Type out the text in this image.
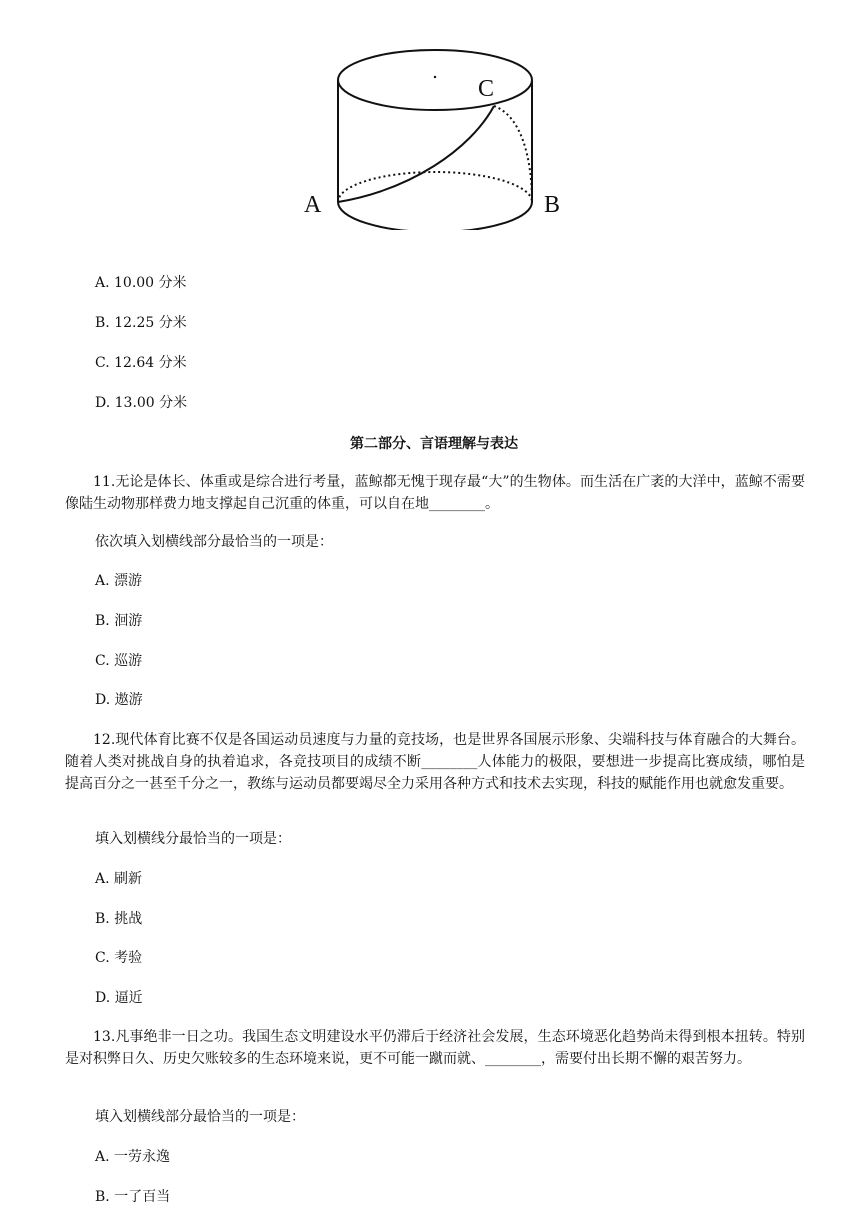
A	B
C
A. 10.00 分米
B. 12.25 分米
C. 12.64 分米
D. 13.00 分米
第二部分、言语理解与表达
11.无论是体长、体重或是综合进行考量，蓝鲸都无愧于现存最“大”的生物体。而生活在广袤的大洋中，蓝鲸不需要像陆生动物那样费力地支撑起自己沉重的体重，可以自在地________。
依次填入划横线部分最恰当的一项是：
A. 漂游
B. 洄游
C. 巡游
D. 遨游
12.现代体育比赛不仅是各国运动员速度与力量的竞技场，也是世界各国展示形象、尖端科技与体育融合的大舞台。随着人类对挑战自身的执着追求，各竞技项目的成绩不断________人体能力的极限，要想进一步提高比赛成绩，哪怕是提高百分之一甚至千分之一，教练与运动员都要竭尽全力采用各种方式和技术去实现，科技的赋能作用也就愈发重要。
填入划横线分最恰当的一项是：
A. 刷新
B. 挑战
C. 考验
D. 逼近
13.凡事绝非一日之功。我国生态文明建设水平仍滞后于经济社会发展，生态环境恶化趋势尚未得到根本扭转。特别是对积弊日久、历史欠账较多的生态环境来说，更不可能一蹴而就、________，需要付出长期不懈的艰苦努力。
填入划横线部分最恰当的一项是：
A. 一劳永逸
B. 一了百当
